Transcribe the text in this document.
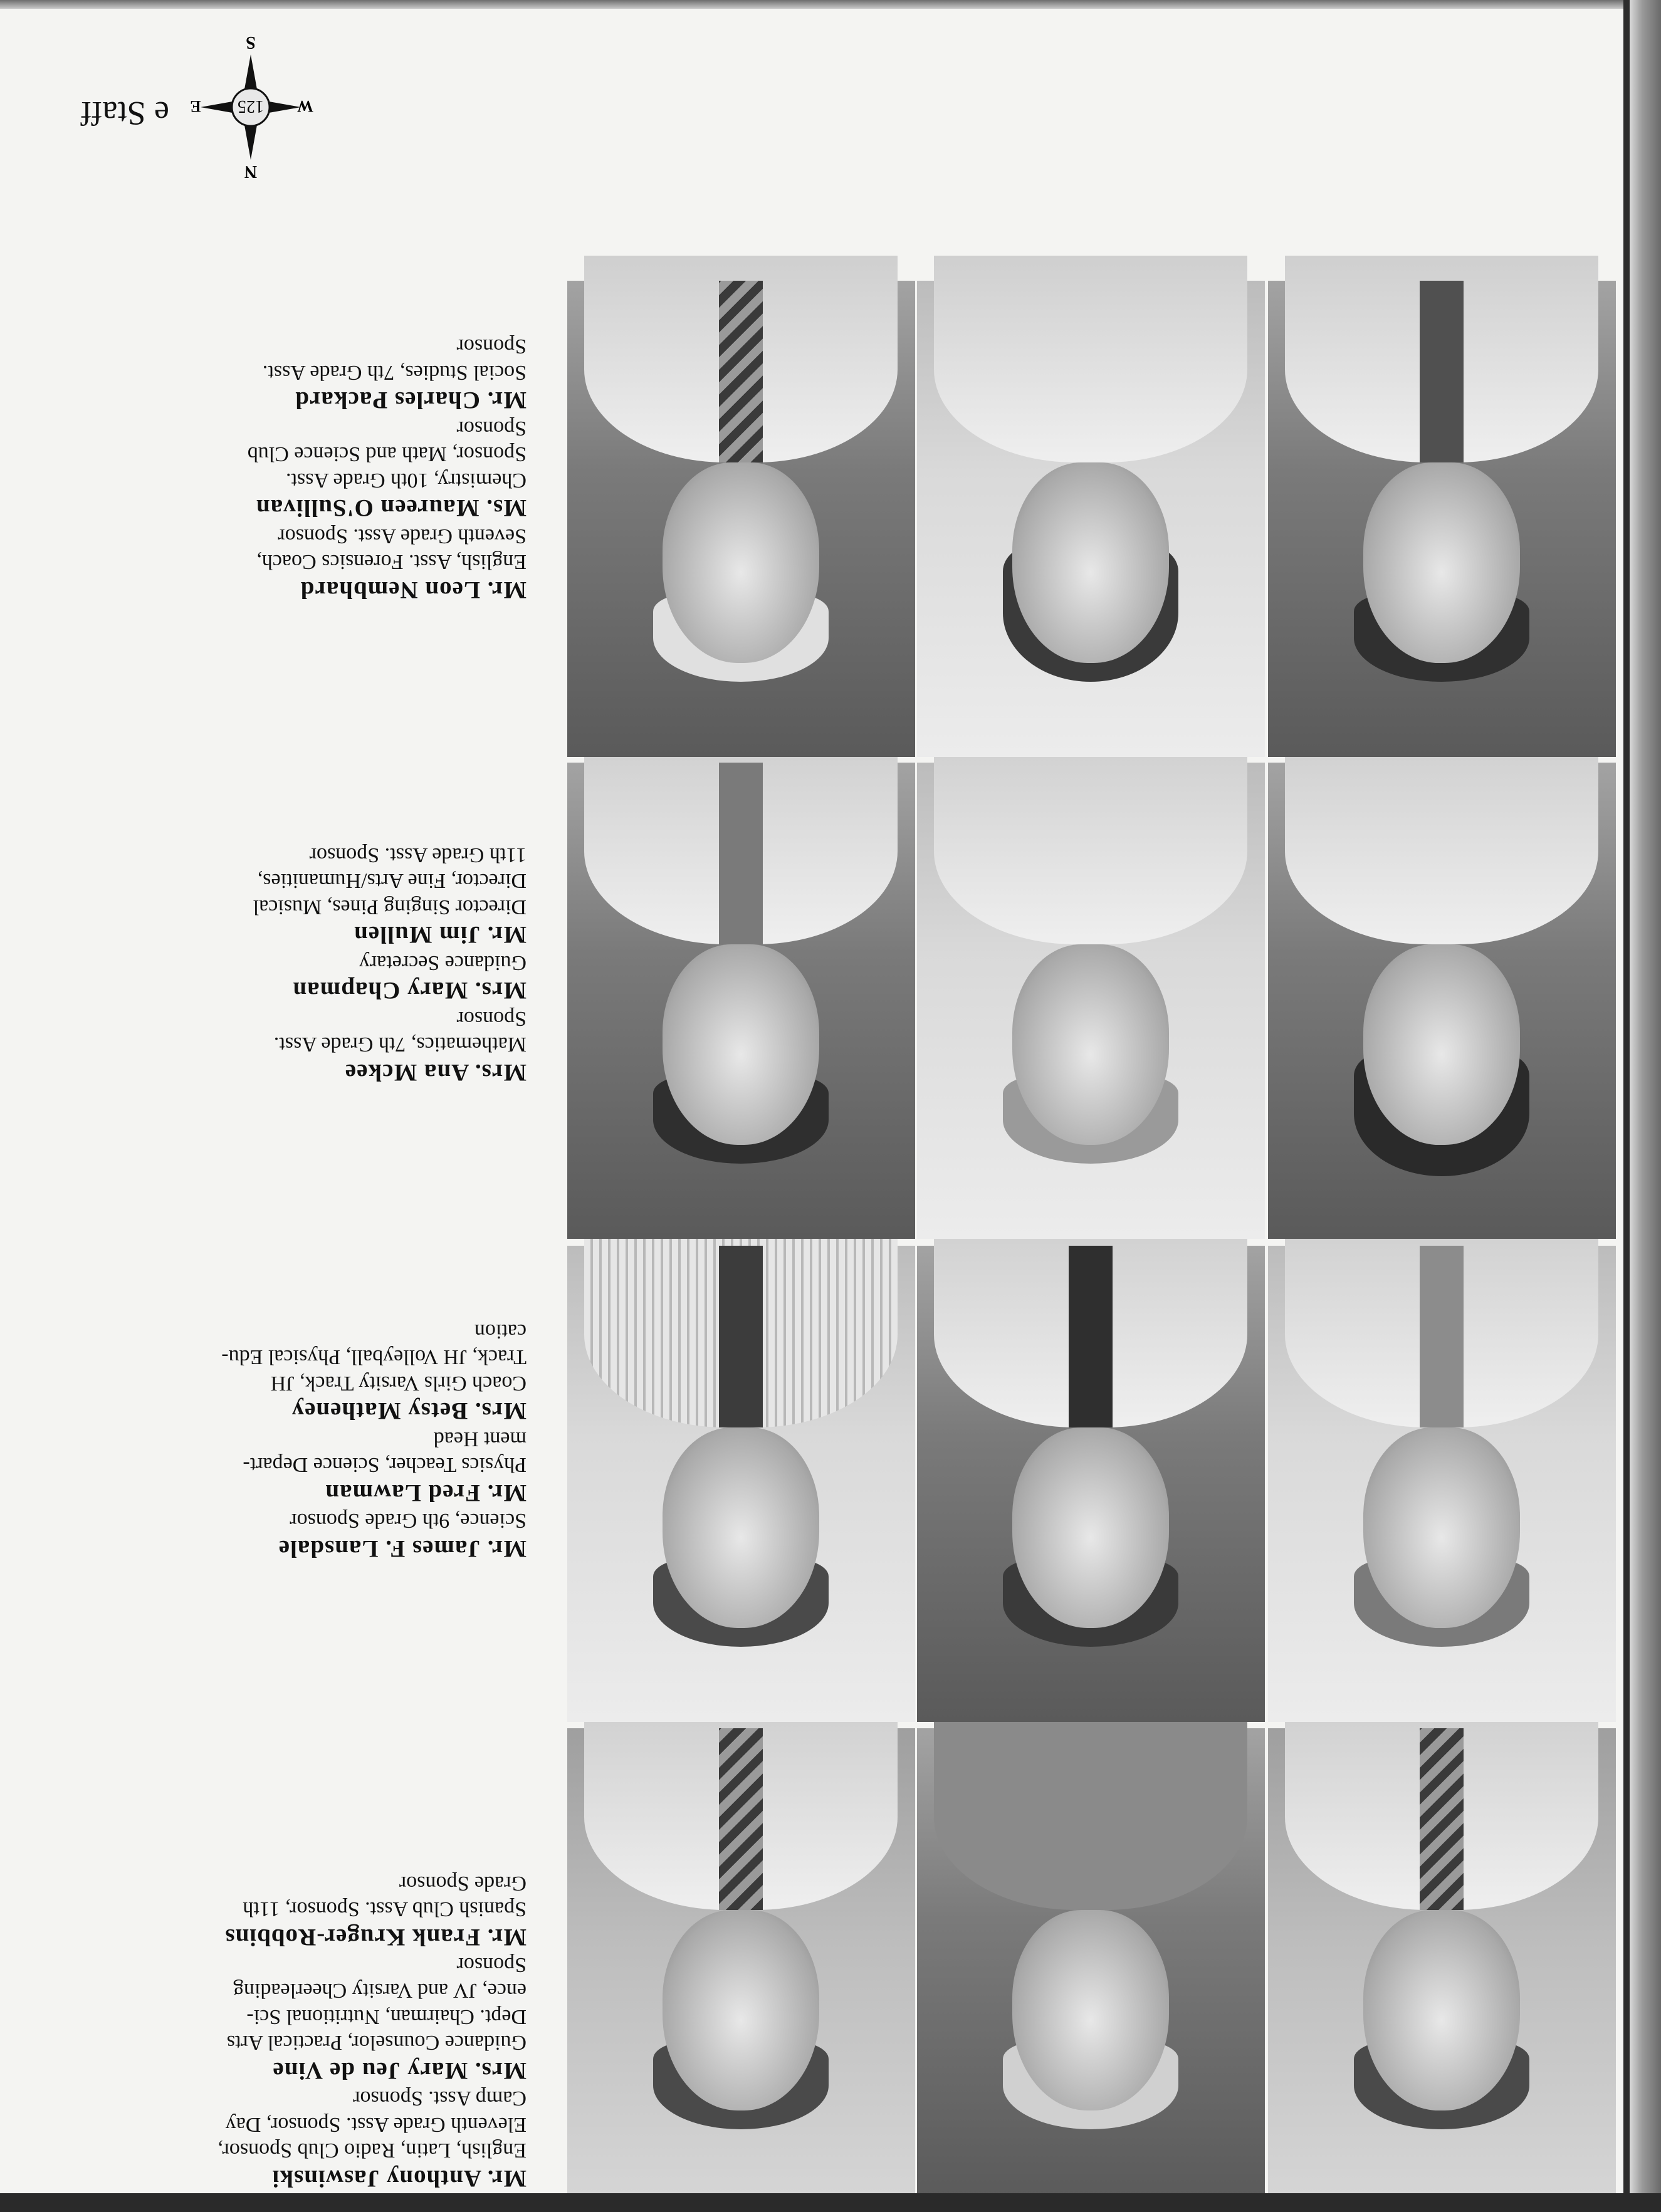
Mr. Anthony Jaswinski
English, Latin, Radio Club Sponsor,
Eleventh Grade Asst. Sponsor, Day
Camp Asst. Sponsor
Mrs. Mary Jeu de Vine
Guidance Counselor, Practical Arts
Dept. Chairman, Nutritional Sci-
ence, JV and Varsity Cheerleading
Sponsor
Mr. Frank Kruger-Robbins
Spanish Club Asst. Sponsor, 11th
Grade Sponsor
Mr. James F. Lansdale
Science, 9th Grade Sponsor
Mr. Fred Lawman
Physics Teacher, Science Depart-
ment Head
Mrs. Betsy Matheney
Coach Girls Varsity Track, JH
Track, JH Volleyball, Physical Edu-
cation
Mrs. Ana Mckee
Mathematics, 7th Grade Asst.
Sponsor
Mrs. Mary Chapman
Guidance Secretary
Mr. Jim Mullen
Director Singing Pines, Musical
Director, Fine Arts/Humanities,
11th Grade Asst. Sponsor
Mr. Leon Nembhard
English, Asst. Forensics Coach,
Seventh Grade Asst. Sponsor
Ms. Maureen O'Sullivan
Chemistry, 10th Grade Asst.
Sponsor, Math and Science Club
Sponsor
Mr. Charles Packard
Social Studies, 7th Grade Asst.
Sponsor
N
S
W
E 125
e Staff
